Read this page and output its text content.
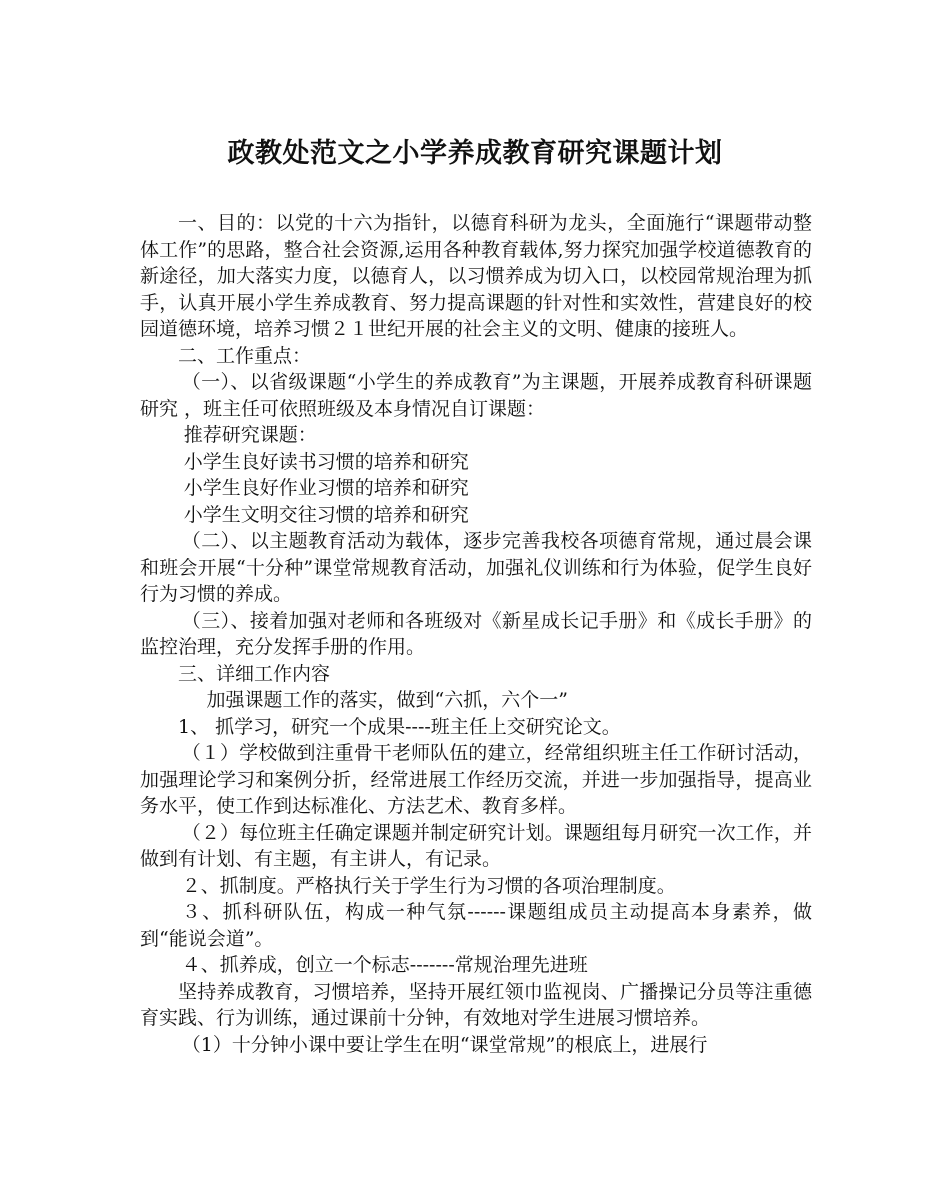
政教处范文之小学养成教育研究课题计划

一、目的：以党的十六为指针，以德育科研为龙头，全面施行“课题带动整体工作”的思路，整合社会资源,运用各种教育载体,努力探究加强学校道德教育的新途径，加大落实力度，以德育人，以习惯养成为切入口，以校园常规治理为抓手，认真开展小学生养成教育、努力提高课题的针对性和实效性，营建良好的校园道德环境，培养习惯２１世纪开展的社会主义的文明、健康的接班人。

二、工作重点：

（一）、以省级课题“小学生的养成教育”为主课题，开展养成教育科研课题研究 ，班主任可依照班级及本身情况自订课题：

推荐研究课题：

小学生良好读书习惯的培养和研究

小学生良好作业习惯的培养和研究

小学生文明交往习惯的培养和研究

（二）、以主题教育活动为载体，逐步完善我校各项德育常规，通过晨会课和班会开展“十分种”课堂常规教育活动，加强礼仪训练和行为体验，促学生良好行为习惯的养成。

（三）、接着加强对老师和各班级对《新星成长记手册》和《成长手册》的监控治理，充分发挥手册的作用。

三、详细工作内容

加强课题工作的落实，做到“六抓，六个一”

1、 抓学习，研究一个成果----班主任上交研究论文。

（１）学校做到注重骨干老师队伍的建立，经常组织班主任工作研讨活动，加强理论学习和案例分折，经常进展工作经历交流，并进一步加强指导，提高业务水平，使工作到达标准化、方法艺术、教育多样。

（２）每位班主任确定课题并制定研究计划。课题组每月研究一次工作，并做到有计划、有主题，有主讲人，有记录。

２、抓制度。严格执行关于学生行为习惯的各项治理制度。

３、抓科研队伍，构成一种气氛------课题组成员主动提高本身素养，做到“能说会道”。

４、抓养成，创立一个标志-------常规治理先进班

坚持养成教育，习惯培养，坚持开展红领巾监视岗、广播操记分员等注重德育实践、行为训练，通过课前十分钟，有效地对学生进展习惯培养。

（1）十分钟小课中要让学生在明“课堂常规”的根底上，进展行
